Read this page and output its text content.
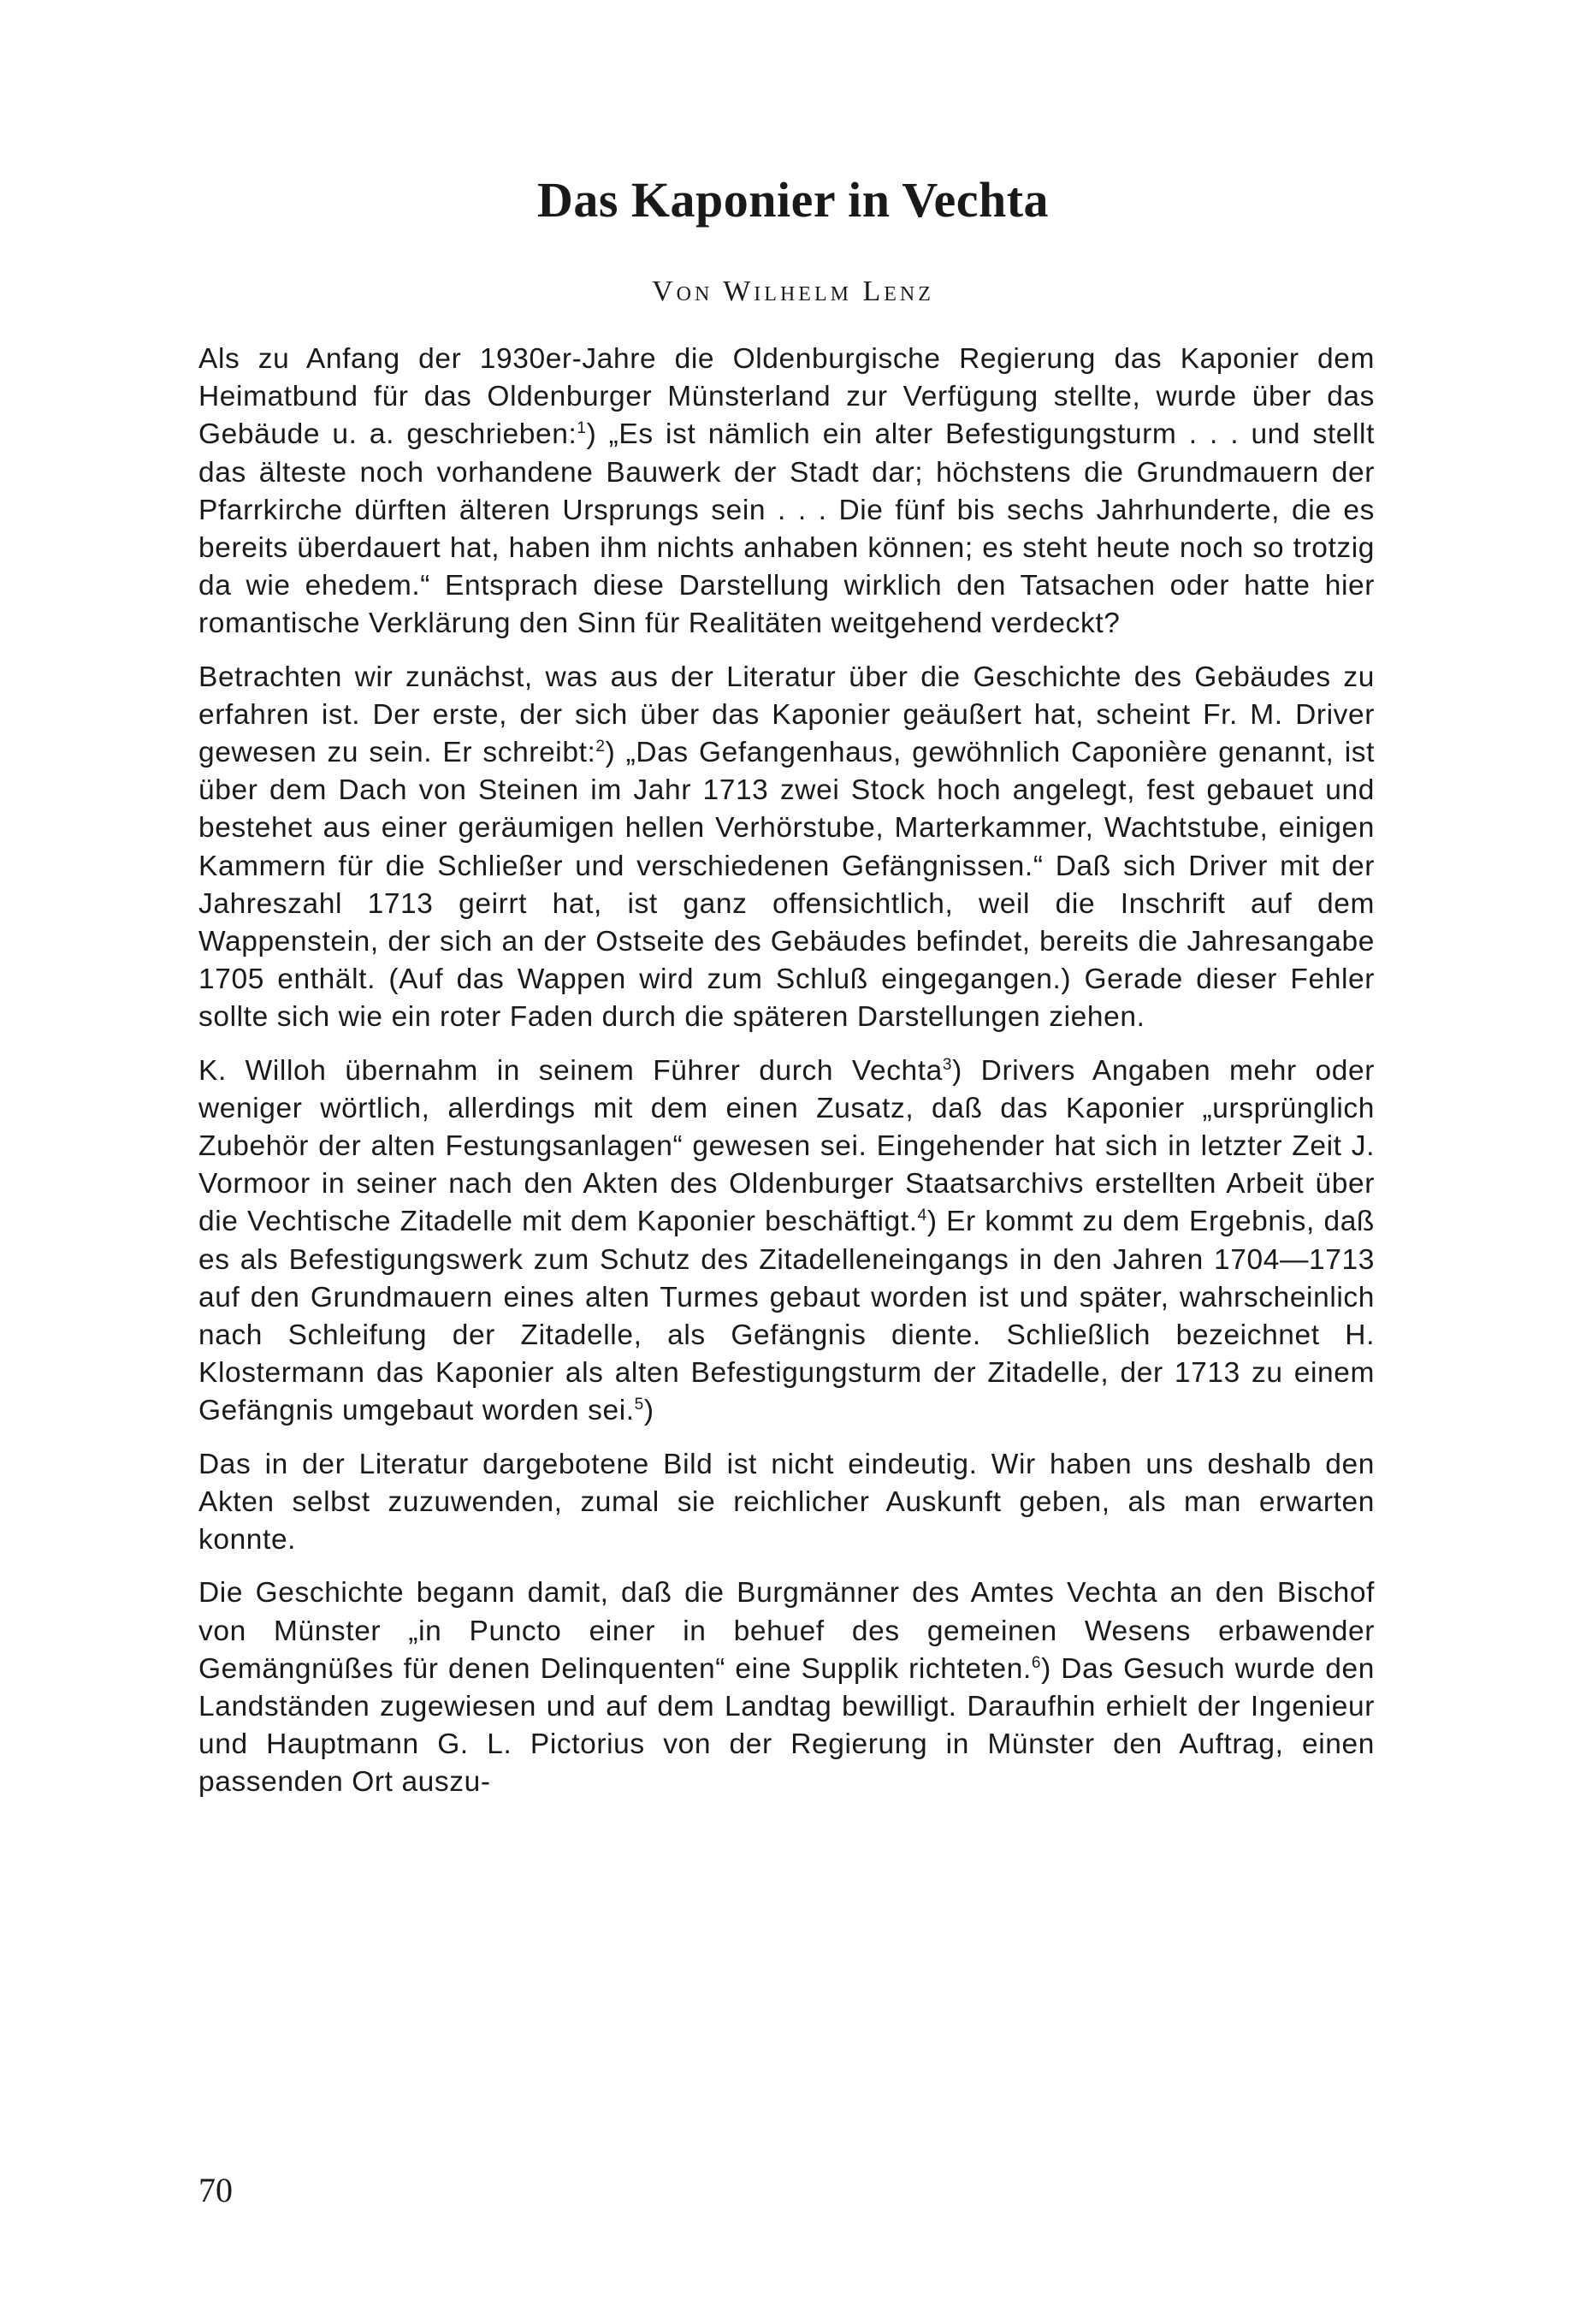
Das Kaponier in Vechta
Von Wilhelm Lenz

Als zu Anfang der 1930er-Jahre die Oldenburgische Regierung das Kaponier dem Heimatbund für das Oldenburger Münsterland zur Verfügung stellte, wurde über das Gebäude u. a. geschrieben:$^1$) „Es ist nämlich ein alter Befestigungsturm . . . und stellt das älteste noch vorhandene Bauwerk der Stadt dar; höchstens die Grundmauern der Pfarrkirche dürften älteren Ursprungs sein . . . Die fünf bis sechs Jahrhunderte, die es bereits überdauert hat, haben ihm nichts anhaben können; es steht heute noch so trotzig da wie ehedem.“ Entsprach diese Darstellung wirklich den Tatsachen oder hatte hier romantische Verklärung den Sinn für Realitäten weitgehend verdeckt?

Betrachten wir zunächst, was aus der Literatur über die Geschichte des Gebäudes zu erfahren ist. Der erste, der sich über das Kaponier geäußert hat, scheint Fr. M. Driver gewesen zu sein. Er schreibt:$^2$) „Das Gefangenhaus, gewöhnlich Caponière genannt, ist über dem Dach von Steinen im Jahr 1713 zwei Stock hoch angelegt, fest gebauet und bestehet aus einer geräumigen hellen Verhörstube, Marterkammer, Wachtstube, einigen Kammern für die Schließer und verschiedenen Gefängnissen.“ Daß sich Driver mit der Jahreszahl 1713 geirrt hat, ist ganz offensichtlich, weil die Inschrift auf dem Wappenstein, der sich an der Ostseite des Gebäudes befindet, bereits die Jahresangabe 1705 enthält. (Auf das Wappen wird zum Schluß eingegangen.) Gerade dieser Fehler sollte sich wie ein roter Faden durch die späteren Darstellungen ziehen.

K. Willoh übernahm in seinem Führer durch Vechta$^3$) Drivers Angaben mehr oder weniger wörtlich, allerdings mit dem einen Zusatz, daß das Kaponier „ursprünglich Zubehör der alten Festungsanlagen“ gewesen sei. Eingehender hat sich in letzter Zeit J. Vormoor in seiner nach den Akten des Oldenburger Staatsarchivs erstellten Arbeit über die Vechtische Zitadelle mit dem Kaponier beschäftigt.$^4$) Er kommt zu dem Ergebnis, daß es als Befestigungswerk zum Schutz des Zitadelleneingangs in den Jahren 1704—1713 auf den Grundmauern eines alten Turmes gebaut worden ist und später, wahrscheinlich nach Schleifung der Zitadelle, als Gefängnis diente. Schließlich bezeichnet H. Klostermann das Kaponier als alten Befestigungsturm der Zitadelle, der 1713 zu einem Gefängnis umgebaut worden sei.$^5$)

Das in der Literatur dargebotene Bild ist nicht eindeutig. Wir haben uns deshalb den Akten selbst zuzuwenden, zumal sie reichlicher Auskunft geben, als man erwarten konnte.

Die Geschichte begann damit, daß die Burgmänner des Amtes Vechta an den Bischof von Münster „in Puncto einer in behuef des gemeinen Wesens erbawender Gemängnüßes für denen Delinquenten“ eine Supplik richteten.$^6$) Das Gesuch wurde den Landständen zugewiesen und auf dem Landtag bewilligt. Daraufhin erhielt der Ingenieur und Hauptmann G. L. Pictorius von der Regierung in Münster den Auftrag, einen passenden Ort auszu-

70
